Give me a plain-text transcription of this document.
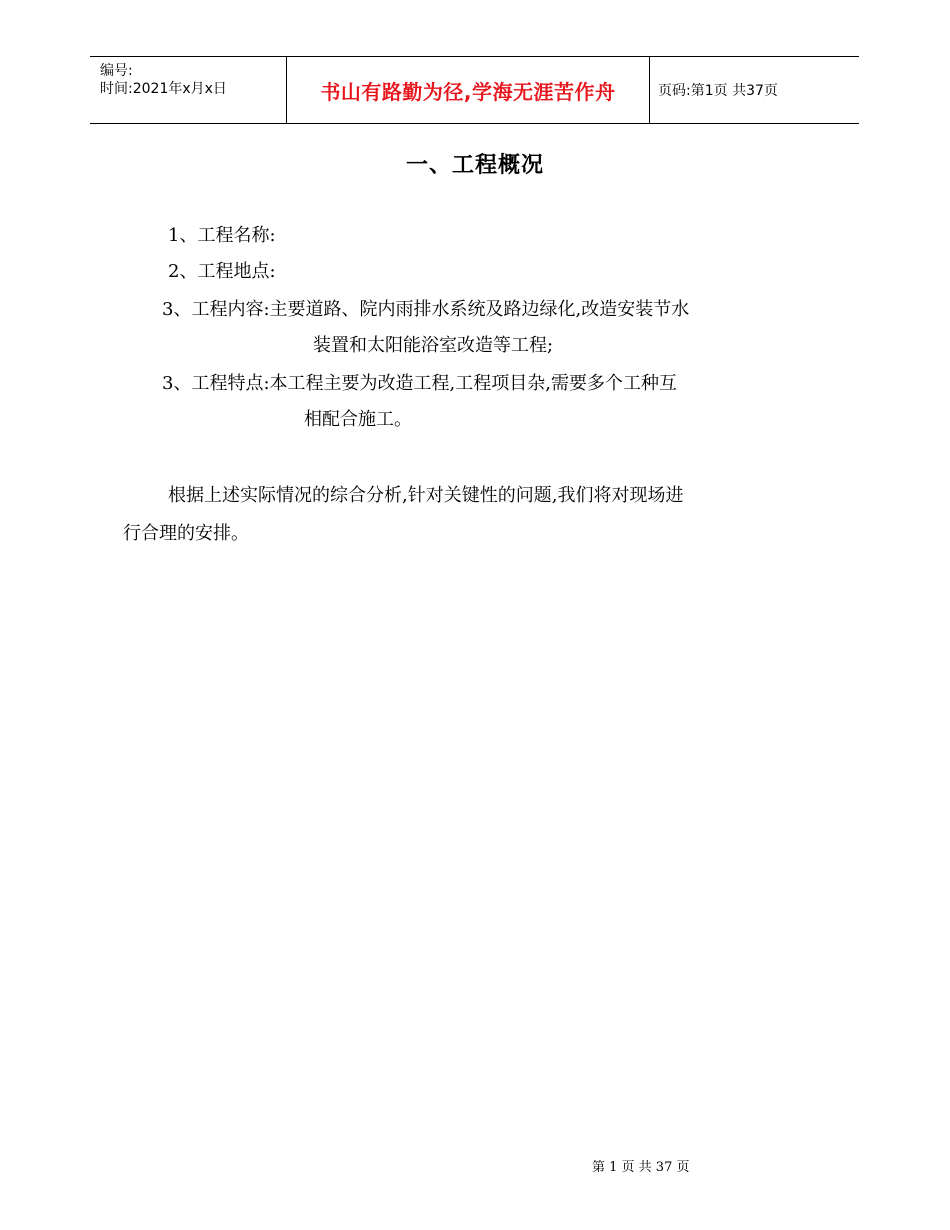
编号:
时间:2021年x月x日	书山有路勤为径,学海无涯苦作舟	页码:第1页 共37页
一、工程概况
1、工程名称:
2、工程地点:
3、工程内容:主要道路、院内雨排水系统及路边绿化,改造安装节水
装置和太阳能浴室改造等工程;
3、工程特点:本工程主要为改造工程,工程项目杂,需要多个工种互
相配合施工。
根据上述实际情况的综合分析,针对关键性的问题,我们将对现场进
行合理的安排。
第 1 页 共 37 页
